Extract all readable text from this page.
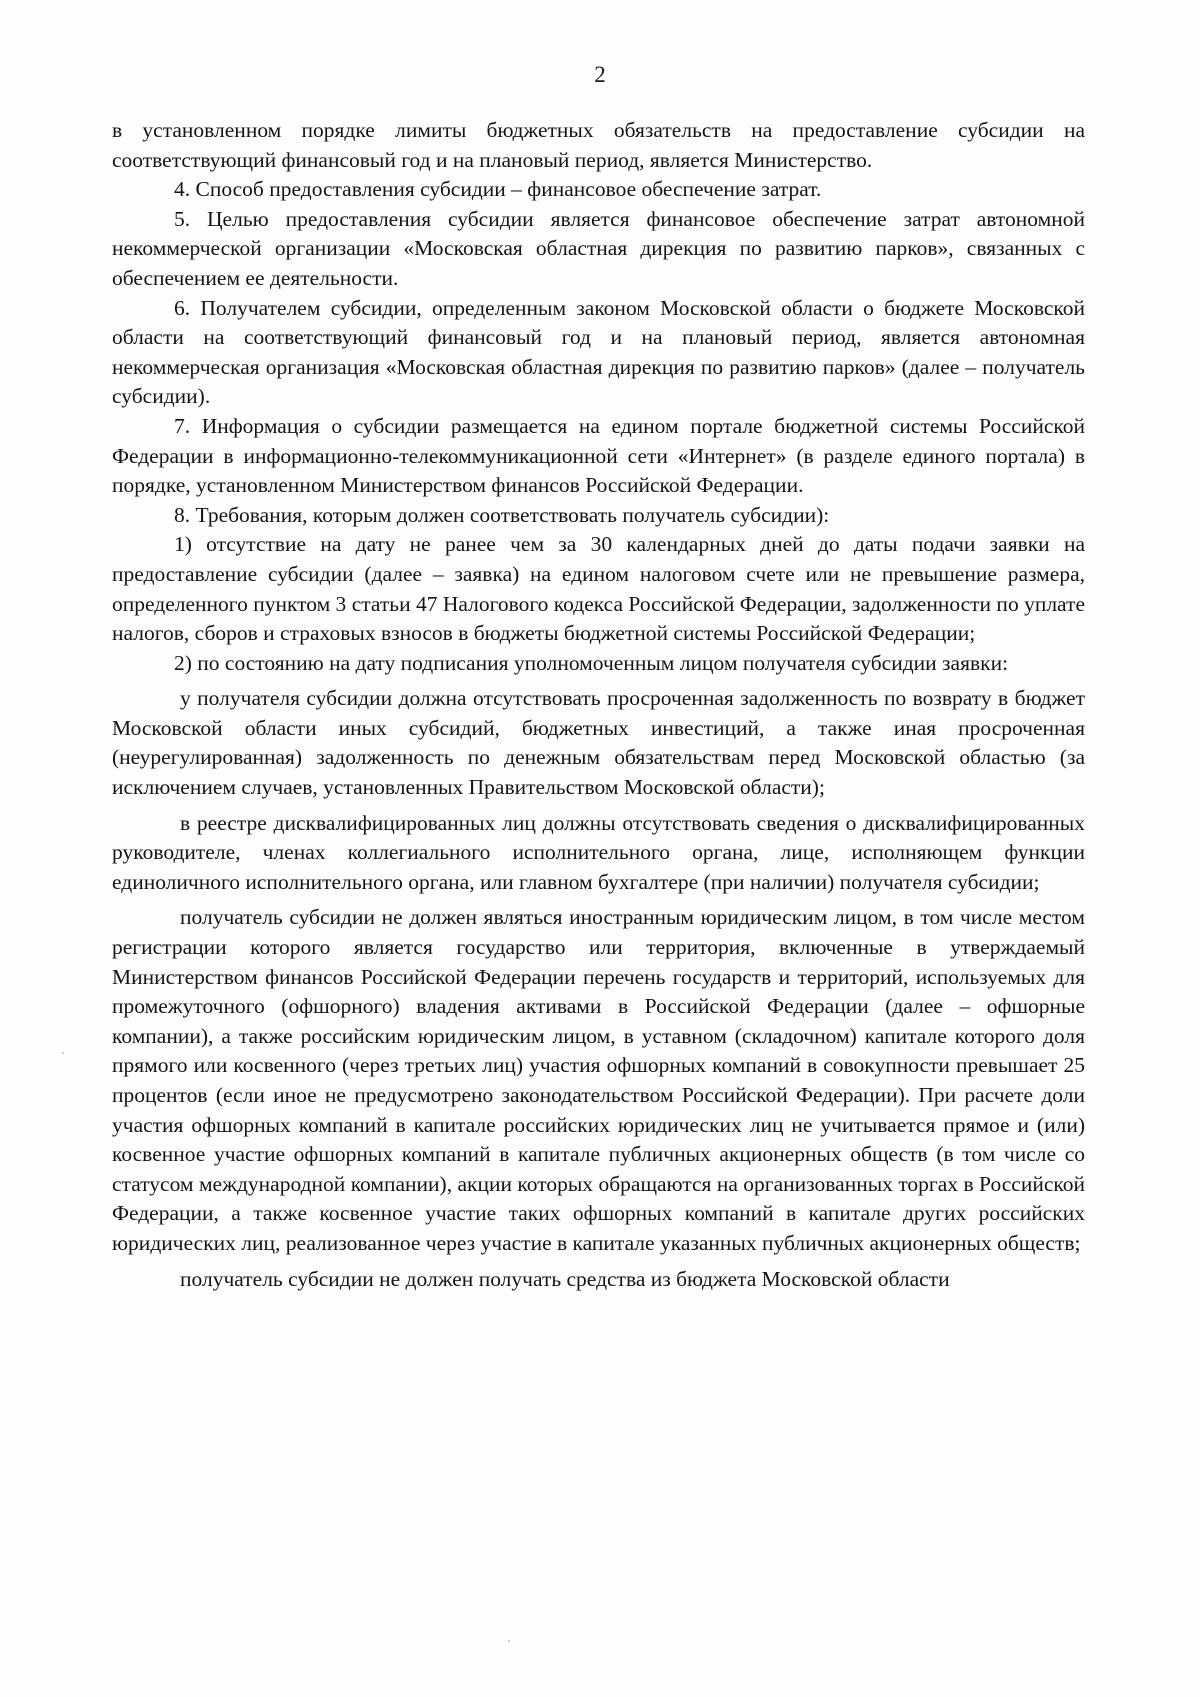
2

в установленном порядке лимиты бюджетных обязательств на предоставление субсидии на соответствующий финансовый год и на плановый период, является Министерство.

4. Способ предоставления субсидии – финансовое обеспечение затрат.

5. Целью предоставления субсидии является финансовое обеспечение затрат автономной некоммерческой организации «Московская областная дирекция по развитию парков», связанных с обеспечением ее деятельности.

6. Получателем субсидии, определенным законом Московской области о бюджете Московской области на соответствующий финансовый год и на плановый период, является автономная некоммерческая организация «Московская областная дирекция по развитию парков» (далее – получатель субсидии).

7. Информация о субсидии размещается на едином портале бюджетной системы Российской Федерации в информационно-телекоммуникационной сети «Интернет» (в разделе единого портала) в порядке, установленном Министерством финансов Российской Федерации.

8. Требования, которым должен соответствовать получатель субсидии):

1) отсутствие на дату не ранее чем за 30 календарных дней до даты подачи заявки на предоставление субсидии (далее – заявка) на едином налоговом счете или не превышение размера, определенного пунктом 3 статьи 47 Налогового кодекса Российской Федерации, задолженности по уплате налогов, сборов и страховых взносов в бюджеты бюджетной системы Российской Федерации;

2) по состоянию на дату подписания уполномоченным лицом получателя субсидии заявки:

у получателя субсидии должна отсутствовать просроченная задолженность по возврату в бюджет Московской области иных субсидий, бюджетных инвестиций, а также иная просроченная (неурегулированная) задолженность по денежным обязательствам перед Московской областью (за исключением случаев, установленных Правительством Московской области);

в реестре дисквалифицированных лиц должны отсутствовать сведения о дисквалифицированных руководителе, членах коллегиального исполнительного органа, лице, исполняющем функции единоличного исполнительного органа, или главном бухгалтере (при наличии) получателя субсидии;

получатель субсидии не должен являться иностранным юридическим лицом, в том числе местом регистрации которого является государство или территория, включенные в утверждаемый Министерством финансов Российской Федерации перечень государств и территорий, используемых для промежуточного (офшорного) владения активами в Российской Федерации (далее – офшорные компании), а также российским юридическим лицом, в уставном (складочном) капитале которого доля прямого или косвенного (через третьих лиц) участия офшорных компаний в совокупности превышает 25 процентов (если иное не предусмотрено законодательством Российской Федерации). При расчете доли участия офшорных компаний в капитале российских юридических лиц не учитывается прямое и (или) косвенное участие офшорных компаний в капитале публичных акционерных обществ (в том числе со статусом международной компании), акции которых обращаются на организованных торгах в Российской Федерации, а также косвенное участие таких офшорных компаний в капитале других российских юридических лиц, реализованное через участие в капитале указанных публичных акционерных обществ;

получатель субсидии не должен получать средства из бюджета Московской области
